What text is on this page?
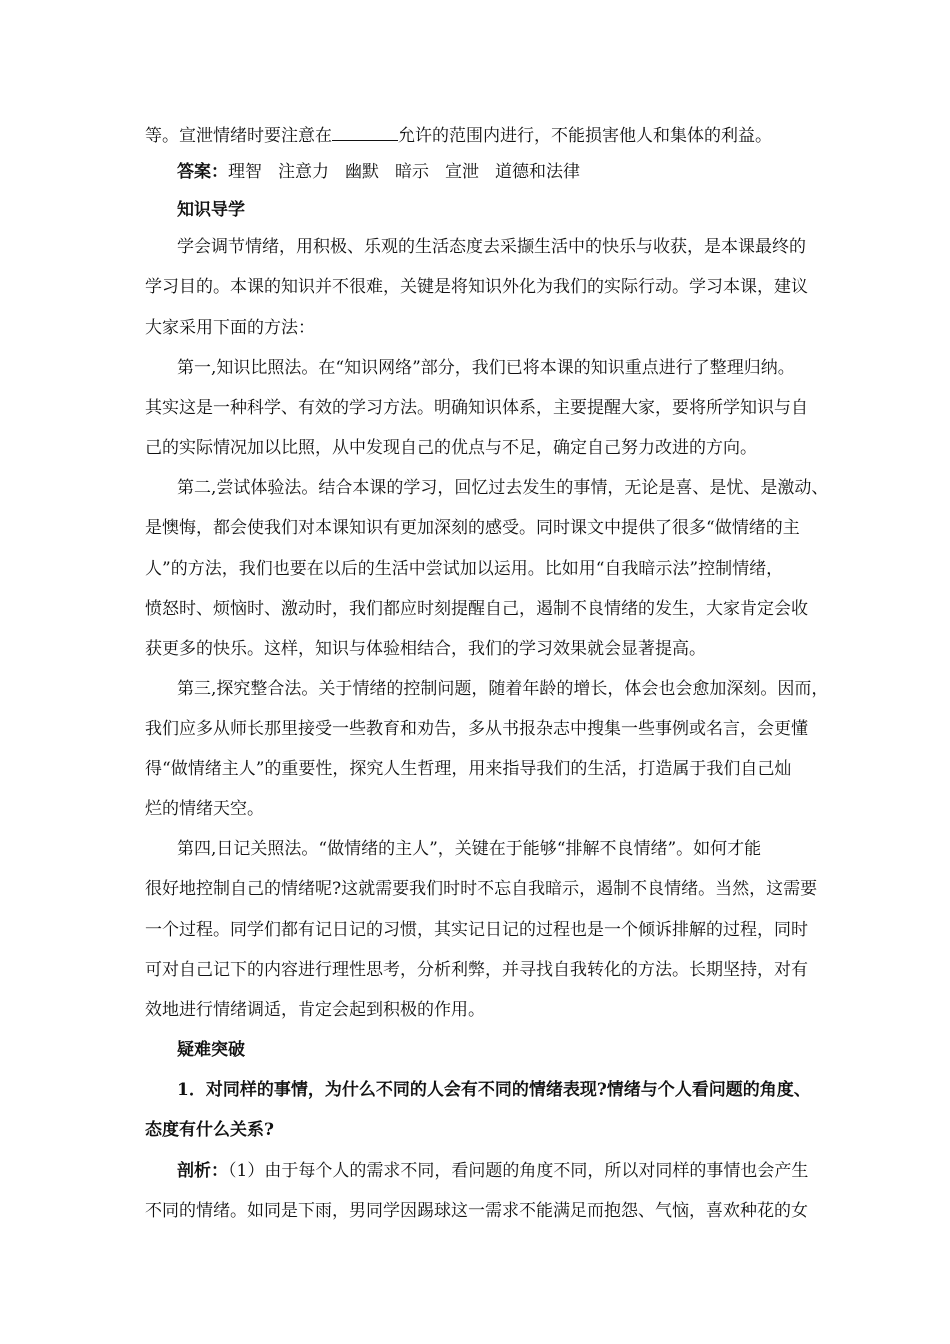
等。宣泄情绪时要注意在	允许的范围内进行，不能损害他人和集体的利益。
答案：理智 注意力 幽默 暗示 宣泄 道德和法律
知识导学
学会调节情绪，用积极、乐观的生活态度去采撷生活中的快乐与收获，是本课最终的
学习目的。本课的知识并不很难，关键是将知识外化为我们的实际行动。学习本课，建议
大家采用下面的方法：
第一,知识比照法。在“知识网络”部分，我们已将本课的知识重点进行了整理归纳。
其实这是一种科学、有效的学习方法。明确知识体系，主要提醒大家，要将所学知识与自
己的实际情况加以比照，从中发现自己的优点与不足，确定自己努力改进的方向。
第二,尝试体验法。结合本课的学习，回忆过去发生的事情，无论是喜、是忧、是激动、
是懊悔，都会使我们对本课知识有更加深刻的感受。同时课文中提供了很多“做情绪的主
人”的方法，我们也要在以后的生活中尝试加以运用。比如用“自我暗示法”控制情绪，
愤怒时、烦恼时、激动时，我们都应时刻提醒自己，遏制不良情绪的发生，大家肯定会收
获更多的快乐。这样，知识与体验相结合，我们的学习效果就会显著提高。
第三,探究整合法。关于情绪的控制问题，随着年龄的增长，体会也会愈加深刻。因而，
我们应多从师长那里接受一些教育和劝告，多从书报杂志中搜集一些事例或名言，会更懂
得“做情绪主人”的重要性，探究人生哲理，用来指导我们的生活，打造属于我们自己灿
烂的情绪天空。
第四,日记关照法。“做情绪的主人”，关键在于能够“排解不良情绪”。如何才能
很好地控制自己的情绪呢?这就需要我们时时不忘自我暗示，遏制不良情绪。当然，这需要
一个过程。同学们都有记日记的习惯，其实记日记的过程也是一个倾诉排解的过程，同时
可对自己记下的内容进行理性思考，分析利弊，并寻找自我转化的方法。长期坚持，对有
效地进行情绪调适，肯定会起到积极的作用。
疑难突破
1．对同样的事情，为什么不同的人会有不同的情绪表现?情绪与个人看问题的角度、
态度有什么关系?
剖析：（1）由于每个人的需求不同，看问题的角度不同，所以对同样的事情也会产生
不同的情绪。如同是下雨，男同学因踢球这一需求不能满足而抱怨、气恼，喜欢种花的女
